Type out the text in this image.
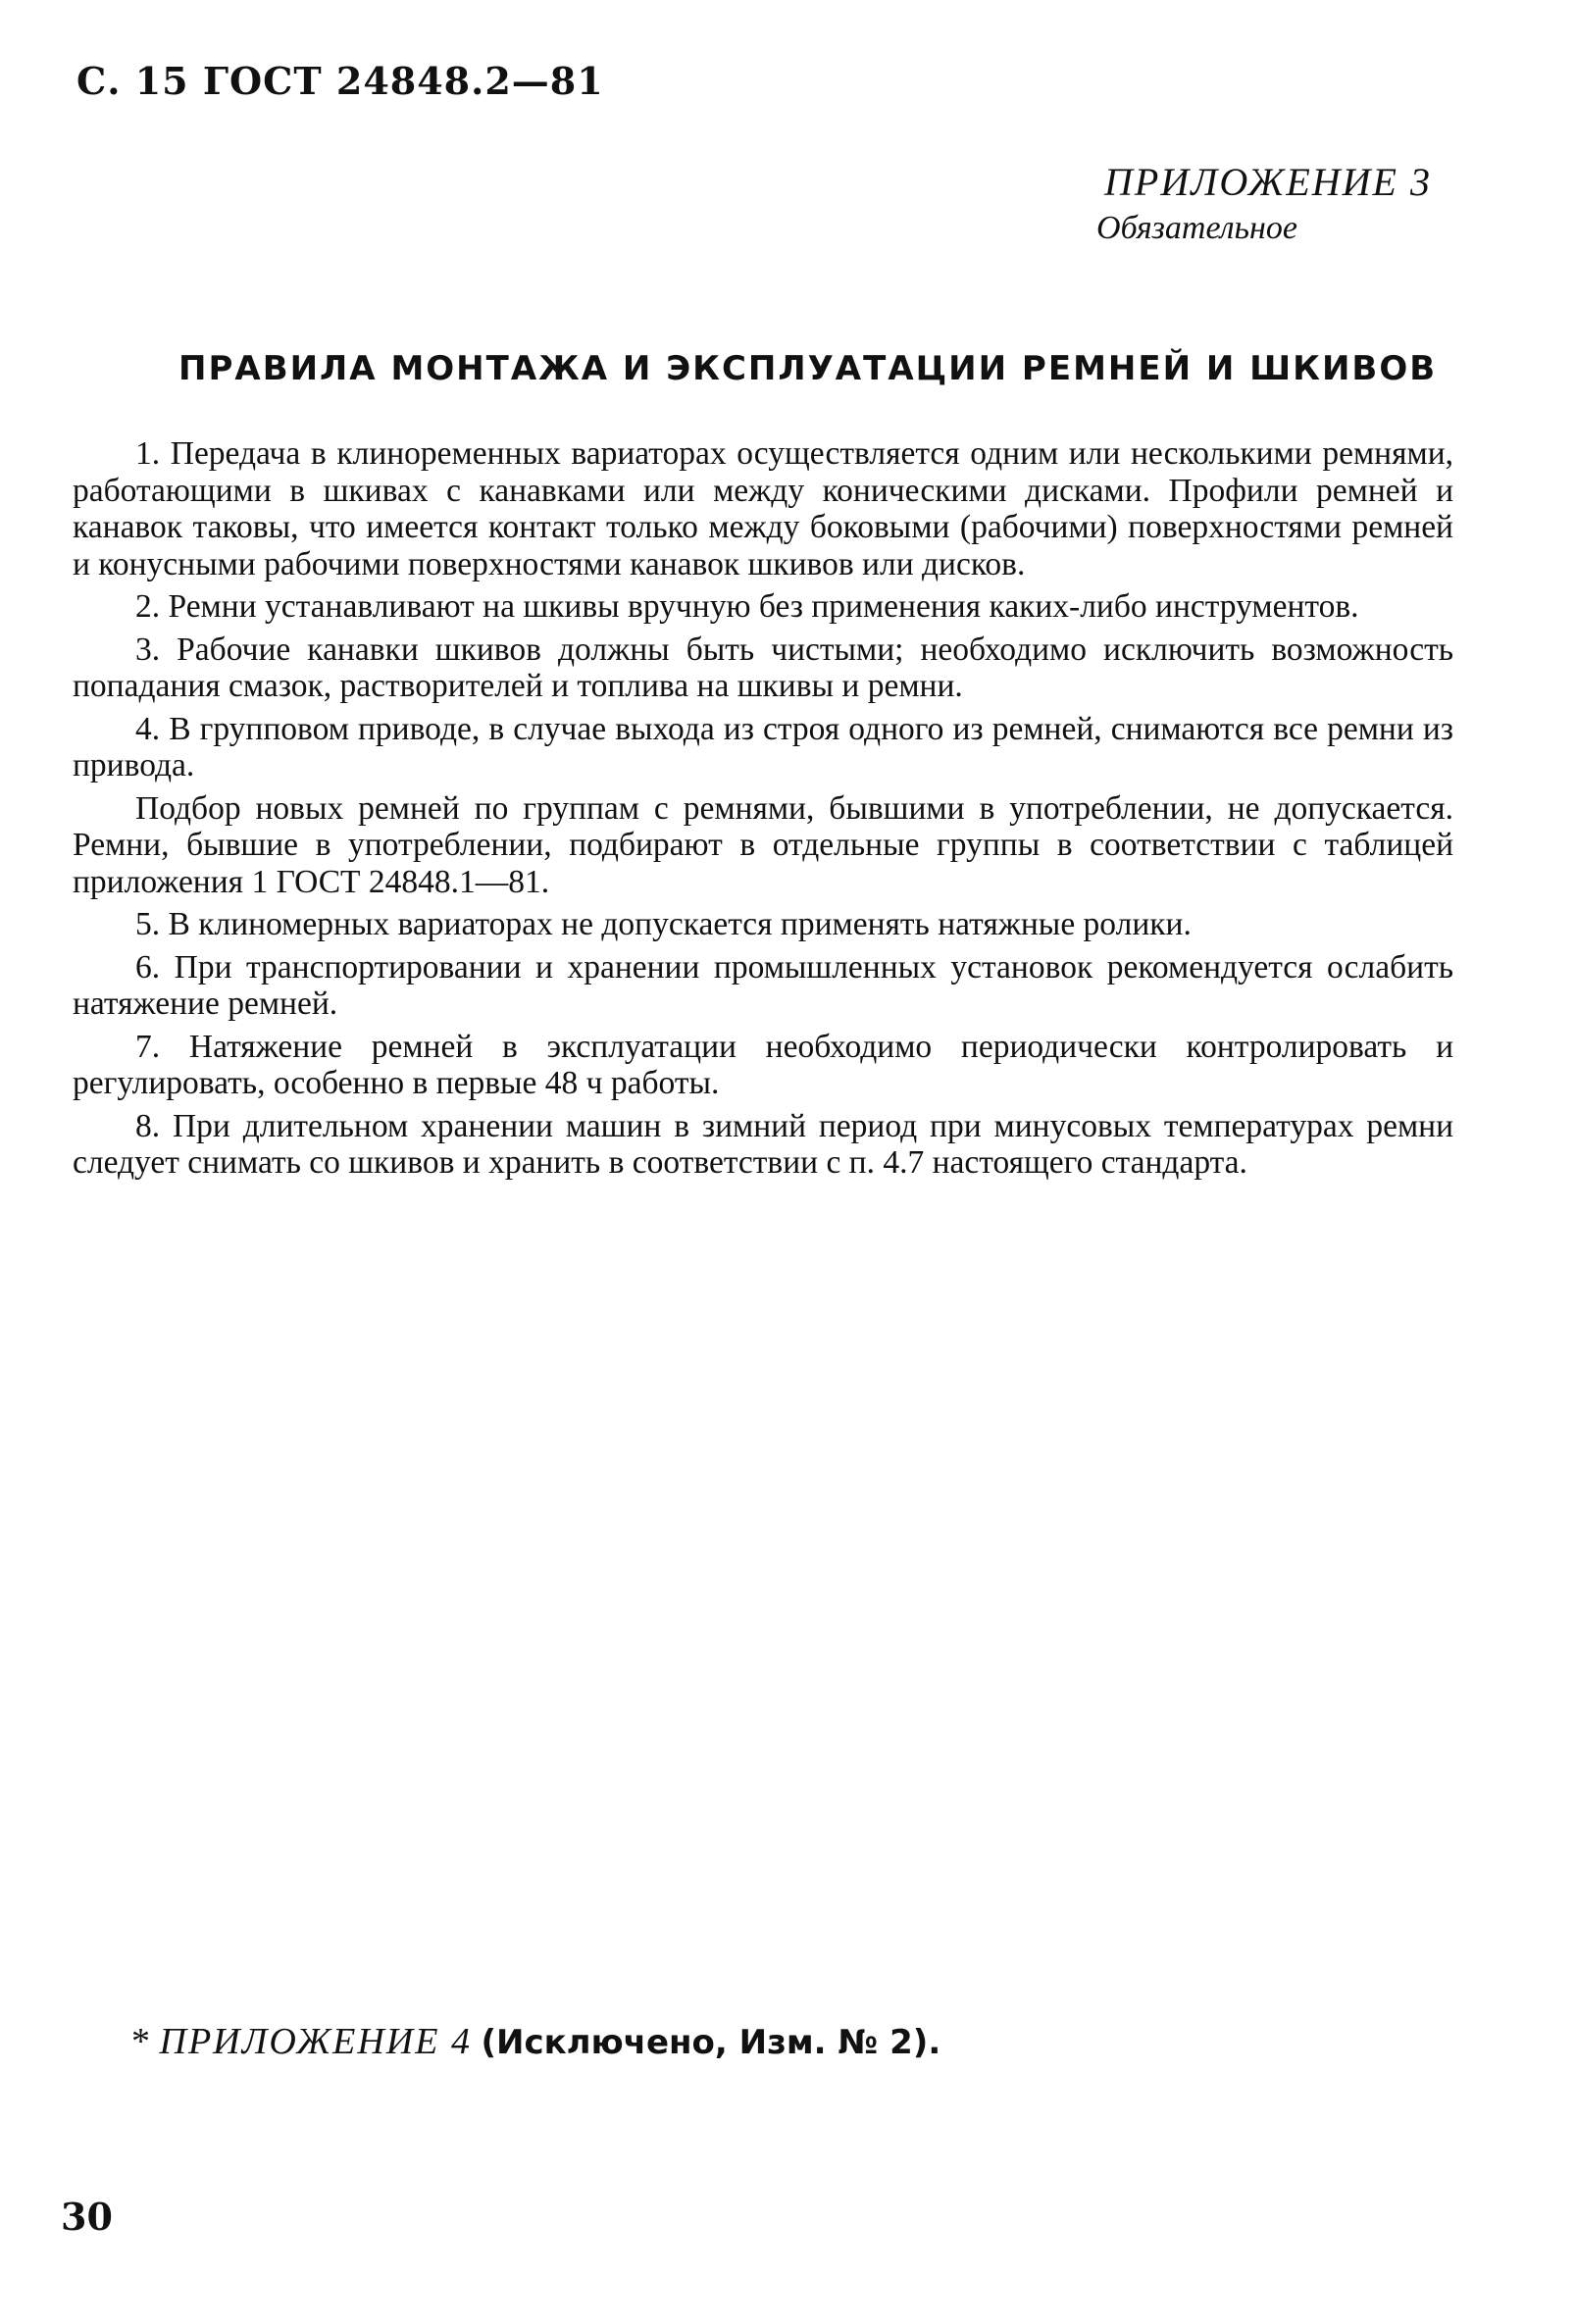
С. 15 ГОСТ 24848.2—81
ПРИЛОЖЕНИЕ 3
Обязательное
ПРАВИЛА МОНТАЖА И ЭКСПЛУАТАЦИИ РЕМНЕЙ И ШКИВОВ

1. Передача в клиноременных вариаторах осуществляется одним или несколькими ремнями, работающими в шкивах с канавками или между коническими дисками. Профили ремней и канавок таковы, что имеется контакт только между боковыми (рабочими) поверхностями ремней и конусными рабочими поверхностями канавок шкивов или дисков.

2. Ремни устанавливают на шкивы вручную без применения каких-либо инструментов.

3. Рабочие канавки шкивов должны быть чистыми; необходимо исключить возможность попадания смазок, растворителей и топлива на шкивы и ремни.

4. В групповом приводе, в случае выхода из строя одного из ремней, снимаются все ремни из привода.

Подбор новых ремней по группам с ремнями, бывшими в употреблении, не допускается. Ремни, бывшие в употреблении, подбирают в отдельные группы в соответствии с таблицей приложения 1 ГОСТ 24848.1—81.

5. В клиномерных вариаторах не допускается применять натяжные ролики.

6. При транспортировании и хранении промышленных установок рекомендуется ослабить натяжение ремней.

7. Натяжение ремней в эксплуатации необходимо периодически контролировать и регулировать, особенно в первые 48 ч работы.

8. При длительном хранении машин в зимний период при минусовых температурах ремни следует снимать со шкивов и хранить в соответствии с п. 4.7 настоящего стандарта.

* ПРИЛОЖЕНИЕ 4 (Исключено, Изм. № 2).
30
